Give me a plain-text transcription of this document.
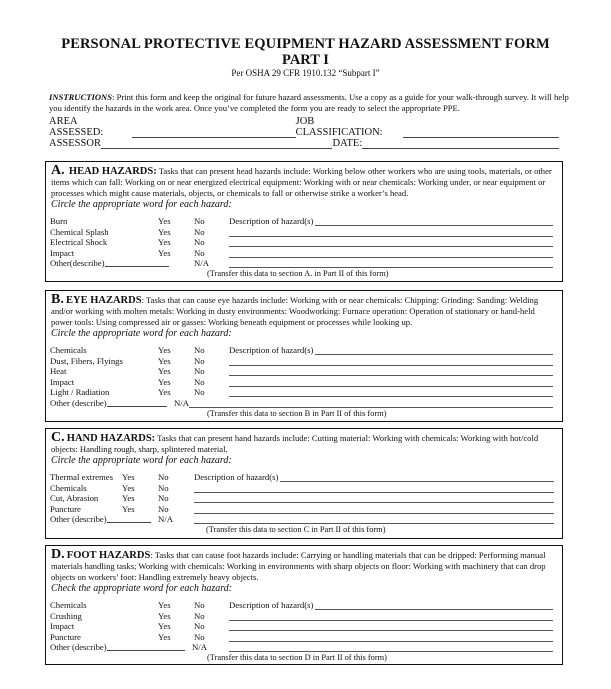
PERSONAL PROTECTIVE EQUIPMENT HAZARD ASSESSMENT FORM
PART I
Per OSHA 29 CFR 1910.132 “Subpart I”
INSTRUCTIONS: Print this form and keep the original for future hazard assessments. Use a copy as a guide for your walk-through survey. It will help you identify the hazards in the work area. Once you’ve completed the form you are ready to select the appropriate PPE.
AREA ASSESSED:
JOB CLASSIFICATION:
ASSESSOR	DATE:
A. HEAD HAZARDS: Tasks that can present head hazards include: Working below other workers who are using tools, materials, or other items which can fall: Working on or near energized electrical equipment: Working with or near chemicals: Working under, or near equipment or processes which might cause materials, objects, or chemicals to fall or otherwise strike a worker’s head.
Circle the appropriate word for each hazard:
Burn	Yes	No	Description of hazard(s)
Chemical Splash	Yes	No
Electrical Shock	Yes	No
Impact	Yes	No
Other(describe)	N/A
(Transfer this data to section A. in Part II of this form)
B. EYE HAZARDS: Tasks that can cause eye hazards include: Working with or near chemicals: Chipping: Grinding: Sanding: Welding and/or working with molten metals: Working in dusty environments: Woodworking: Furnace operation: Operation of stationary or hand-held power tools: Using compressed air or gasses: Working beneath equipment or processes while looking up.
Circle the appropriate word for each hazard:
Chemicals	Yes	No	Description of hazard(s)
Dust, Fibers, Flyings	Yes	No
Heat	Yes	No
Impact	Yes	No
Light / Radiation	Yes	No
Other (describe)	N/A
(Transfer this data to section B in Part II of this form)
C. HAND HAZARDS: Tasks that can present hand hazards include: Cutting material: Working with chemicals: Working with hot/cold objects: Handling rough, sharp, splintered material.
Circle the appropriate word for each hazard:
Thermal extremes Yes	No	Description of hazard(s)
Chemicals	Yes	No
Cut, Abrasion	Yes	No
Puncture	Yes	No
Other (describe)	N/A
(Transfer this data to section C in Part II of this form)
D. FOOT HAZARDS: Tasks that can cause foot hazards include: Carrying or handling materials that can be dripped: Performing manual materials handling tasks; Working with chemicals: Working in environments with sharp objects on floor: Working with machinery that can drop objects on workers’ foot: Handling extremely heavy objects.
Check the appropriate word for each hazard:
Chemicals	Yes	No	Description of hazard(s)
Crushing	Yes	No
Impact	Yes	No
Puncture	Yes	No
Other (describe)	N/A
(Transfer this data to section D in Part II of this form)
